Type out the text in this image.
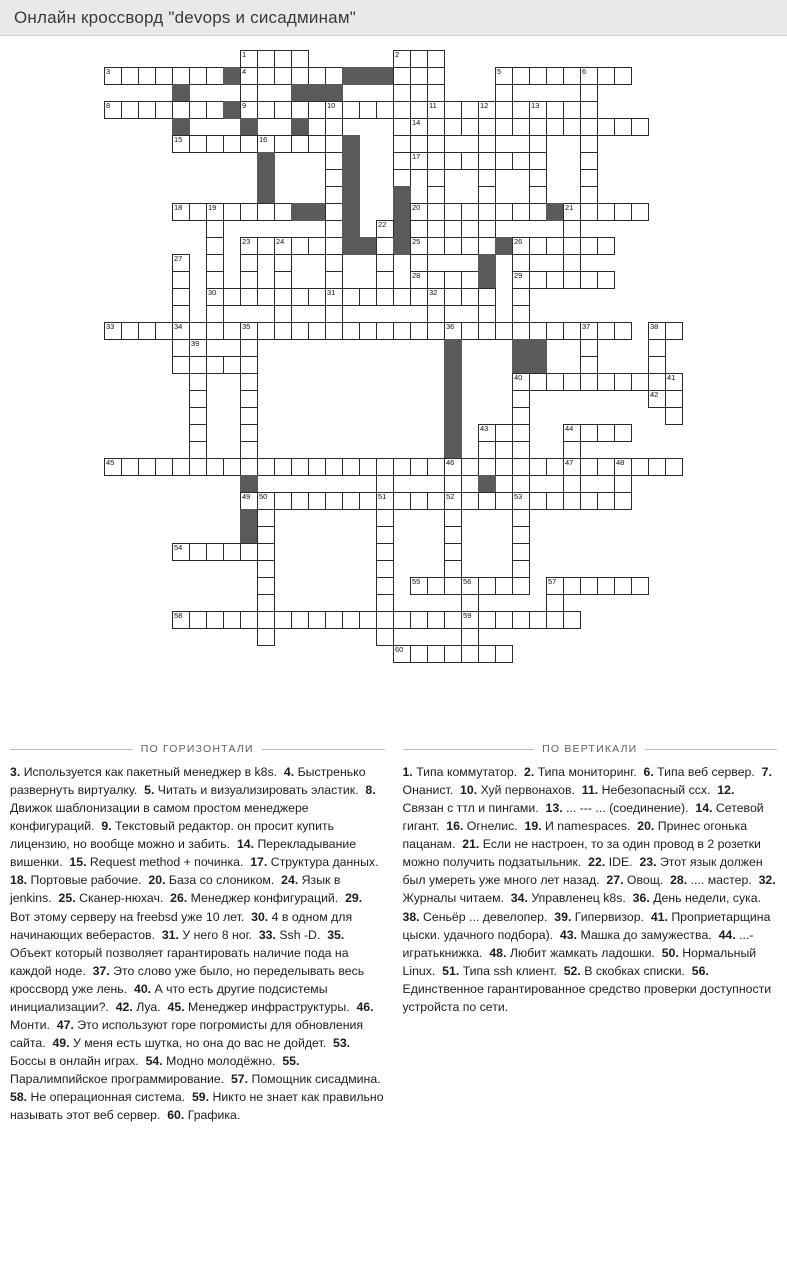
Онлайн кроссворд "devops и сисадминам"
1	2
3	4	5	6
8	9	10	11	12	13
14
15	16
17
18	19	20	21
22
23	24	25	26
27
28	29
30	31	32
33	34	35	36	37	38
39
40	41
42
43	44
45	46	47	48
49 50	51	52	53
54
55	56	57
58	59
60
ПО ГОРИЗОНТАЛИ
3. Используется как пакетный менеджер в k8s. 4. Быстренько развернуть виртуалку. 5. Читать и визуализировать эластик. 8. Движок шаблонизации в самом простом менеджере конфигураций. 9. Текстовый редактор. он просит купить лицензию, но вообще можно и забить. 14. Перекладывание вишенки. 15. Request method + починка. 17. Структура данных.  18. Портовые рабочие. 20. База со слоником. 24. Язык в jenkins. 25. Сканер-нюхач. 26. Менеджер конфигураций. 29. Вот этому серверу на freebsd уже 10 лет. 30. 4 в одном для начинающих веберастов. 31. У него 8 ног. 33. Ssh -D. 35. Объект который позволяет гарантировать наличие пода на каждой ноде. 37. Это слово уже было, но переделывать весь кроссворд уже лень. 40. А что есть другие подсистемы инициализации?. 42. Луа. 45. Менеджер инфраструктуры. 46. Монти. 47. Это используют горе погромисты для обновления сайта. 49. У меня есть шутка, но она до вас не дойдет. 53. Боссы в онлайн играх. 54. Модно молодёжно. 55. Паралимпийское программирование. 57. Помощник сисадмина.  58. Не операционная система. 59. Никто не знает как правильно называть этот веб сервер. 60. Графика.
ПО ВЕРТИКАЛИ
1. Типа коммутатор. 2. Типа мониторинг. 6. Типа веб сервер. 7. Онанист. 10. Хуй первонахов. 11. Небезопасный ссх. 12. Связан с ттл и пингами. 13. ... --- ... (соединение). 14. Сетевой гигант. 16. Огнелис. 19. И namespaces. 20. Принес огонька пацанам. 21. Если не настроен, то за один провод в 2 розетки можно получить подзатыльник. 22. IDE. 23. Этот язык должен был умереть уже много лет назад. 27. Овощ. 28. .... мастер. 32. Журналы читаем. 34. Управленец k8s. 36. День недели, сука.  38. Сеньёр ... девелопер. 39. Гипервизор. 41. Проприетарщина цыски. удачного подбора). 43. Машка до замужества. 44. ...-игратькнижка. 48. Любит жамкать ладошки. 50. Нормальный Linux. 51. Типа ssh клиент. 52. В скобках списки. 56. Единственное гарантированное средство проверки доступности устройста по сети.
